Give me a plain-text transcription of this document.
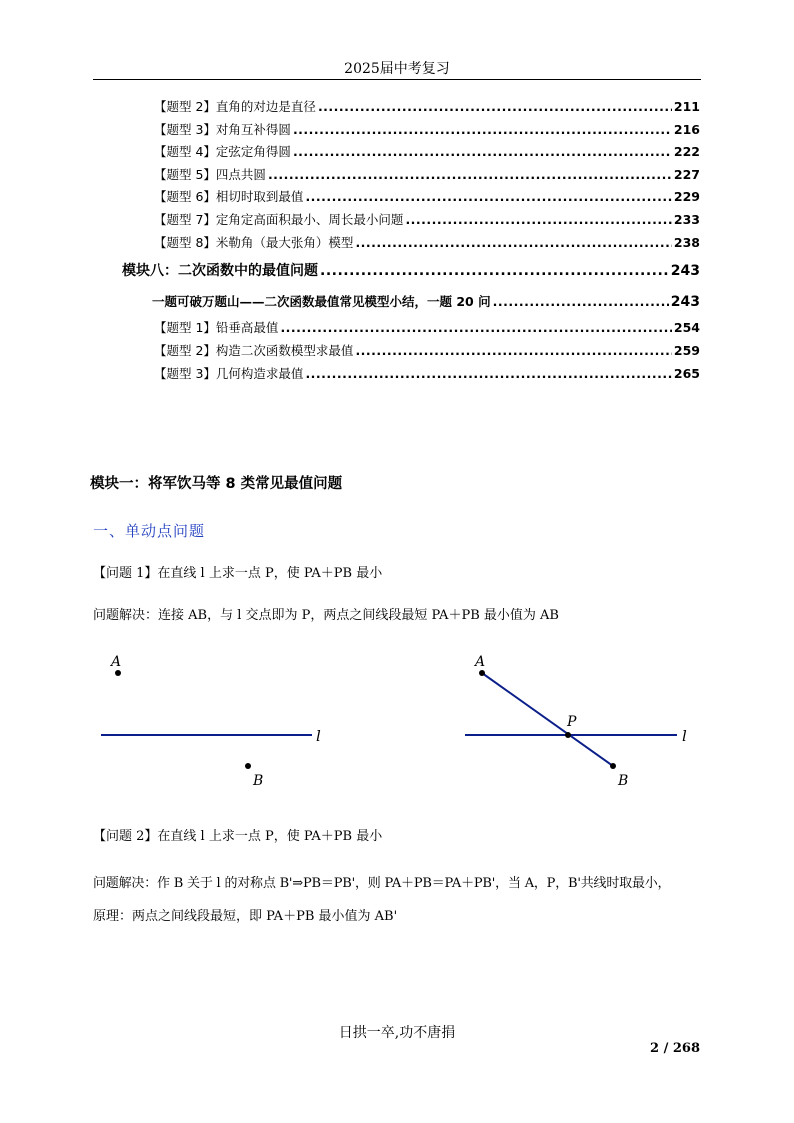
2025届中考复习
【题型 2】直角的对边是直径 .....	211
【题型 3】对角互补得圆 .....	216
【题型 4】定弦定角得圆 .....	222
【题型 5】四点共圆 .....	227
【题型 6】相切时取到最值 .....	229
【题型 7】定角定高面积最小、周长最小问题 .....	233
【题型 8】米勒角（最大张角）模型 .....	238
模块八：二次函数中的最值问题 .....	243
一题可破万题山——二次函数最值常见模型小结，一题 20 问 .....	243
【题型 1】铅垂高最值 .....	254
【题型 2】构造二次函数模型求最值 .....	259
【题型 3】几何构造求最值 .....	265
模块一：将军饮马等 8 类常见最值问题
一、单动点问题
【问题 1】在直线 l 上求一点 P，使 PA＋PB 最小
问题解决：连接 AB，与 l 交点即为 P，两点之间线段最短 PA＋PB 最小值为 AB
A
l
B
A
l
P
B
【问题 2】在直线 l 上求一点 P，使 PA＋PB 最小
问题解决：作 B 关于 l 的对称点 B'⇒PB＝PB'，则 PA＋PB＝PA＋PB'，当 A，P，B'共线时取最小，
原理：两点之间线段最短，即 PA＋PB 最小值为 AB'
日拱一卒,功不唐捐
2 / 268
